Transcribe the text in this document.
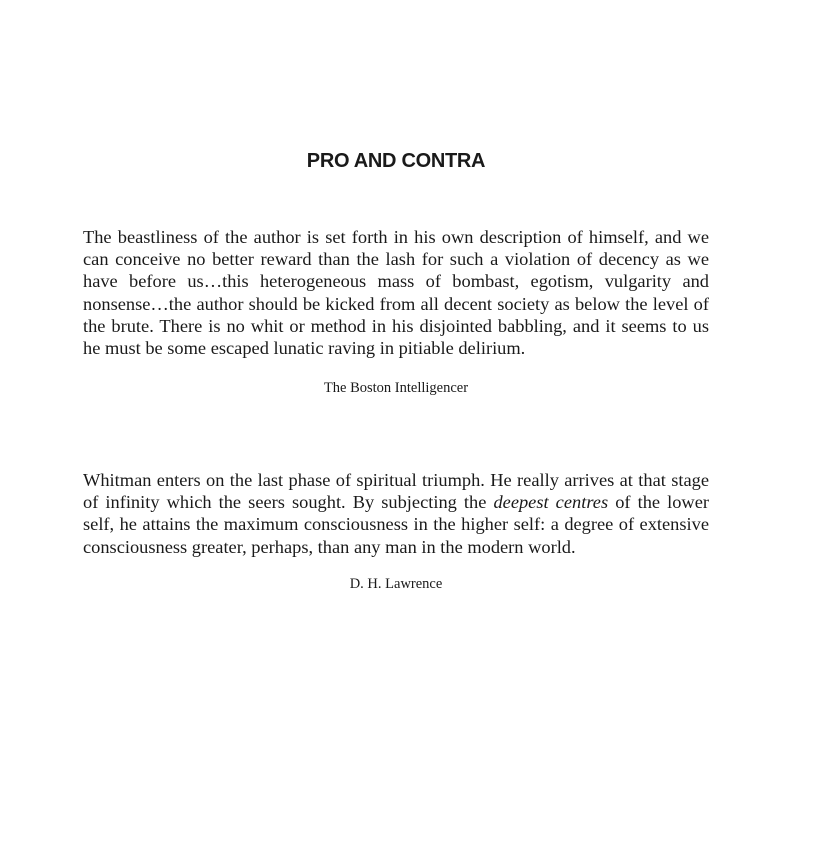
PRO AND CONTRA

The beastliness of the author is set forth in his own description of himself, and we can conceive no better reward than the lash for such a violation of decency as we have before us…this heterogeneous mass of bombast, egotism, vulgarity and nonsense…the author should be kicked from all decent society as below the level of the brute. There is no whit or method in his disjointed babbling, and it seems to us he must be some escaped lunatic raving in pitiable delirium.

The Boston Intelligencer

Whitman enters on the last phase of spiritual triumph. He really arrives at that stage of infinity which the seers sought. By subjecting the deepest centres of the lower self, he attains the maximum consciousness in the higher self: a degree of extensive consciousness greater, perhaps, than any man in the modern world.

D. H. Lawrence
